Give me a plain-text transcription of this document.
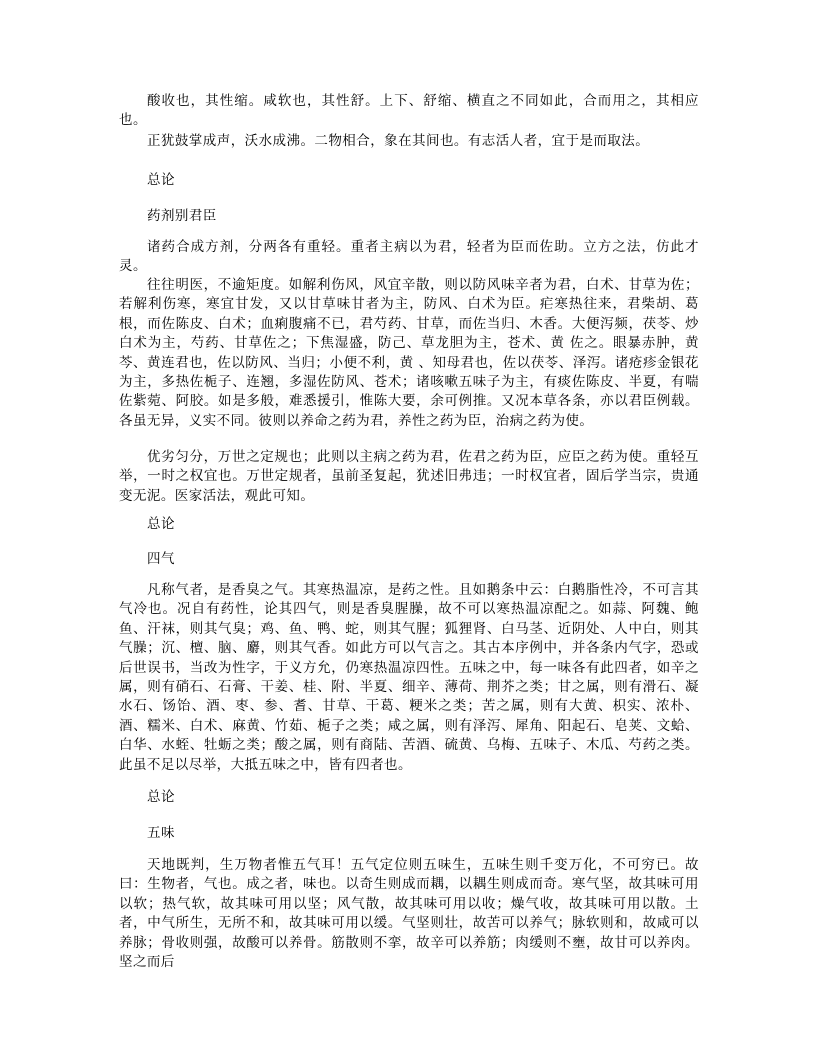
酸收也，其性缩。咸软也，其性舒。上下、舒缩、横直之不同如此，合而用之，其相应也。

正犹鼓掌成声，沃水成沸。二物相合，象在其间也。有志活人者，宜于是而取法。

总论

药剂别君臣

诸药合成方剂，分两各有重轻。重者主病以为君，轻者为臣而佐助。立方之法，仿此才灵。

往往明医，不逾矩度。如解利伤风，风宜辛散，则以防风味辛者为君，白术、甘草为佐；若解利伤寒，寒宜甘发，又以甘草味甘者为主，防风、白术为臣。疟寒热往来，君柴胡、葛根，而佐陈皮、白术；血痢腹痛不已，君芍药、甘草，而佐当归、木香。大便泻频，茯苓、炒白术为主，芍药、甘草佐之；下焦湿盛，防己、草龙胆为主，苍术、黄 佐之。眼暴赤肿，黄芩、黄连君也，佐以防风、当归；小便不利，黄 、知母君也，佐以茯苓、泽泻。诸疮疹金银花为主，多热佐栀子、连翘，多湿佐防风、苍术；诸咳嗽五味子为主，有痰佐陈皮、半夏，有喘佐紫菀、阿胶。如是多般，难悉援引，惟陈大要，余可例推。又况本草各条，亦以君臣例载。各虽无异，义实不同。彼则以养命之药为君，养性之药为臣，治病之药为使。

优劣匀分，万世之定规也；此则以主病之药为君，佐君之药为臣，应臣之药为使。重轻互举，一时之权宜也。万世定规者，虽前圣复起，犹述旧弗违；一时权宜者，固后学当宗，贵通变无泥。医家活法，观此可知。

总论

四气

凡称气者，是香臭之气。其寒热温凉，是药之性。且如鹅条中云：白鹅脂性冷，不可言其气冷也。况自有药性，论其四气，则是香臭腥臊，故不可以寒热温凉配之。如蒜、阿魏、鲍鱼、汗袜，则其气臭；鸡、鱼、鸭、蛇，则其气腥；狐狸肾、白马茎、近阴处、人中白，则其气臊；沉、檀、脑、麝，则其气香。如此方可以气言之。其古本序例中，并各条内气字，恐或后世误书，当改为性字，于义方允，仍寒热温凉四性。五味之中，每一味各有此四者，如辛之属，则有硝石、石膏、干姜、桂、附、半夏、细辛、薄荷、荆芥之类；甘之属，则有滑石、凝水石、饧饴、酒、枣、参、耆、甘草、干葛、粳米之类；苦之属，则有大黄、枳实、浓朴、酒、糯米、白术、麻黄、竹茹、栀子之类；咸之属，则有泽泻、犀角、阳起石、皂荚、文蛤、白华、水蛭、牡蛎之类；酸之属，则有商陆、苦酒、硫黄、乌梅、五味子、木瓜、芍药之类。此虽不足以尽举，大抵五味之中，皆有四者也。

总论

五味

天地既判，生万物者惟五气耳！五气定位则五味生，五味生则千变万化，不可穷已。故曰：生物者，气也。成之者，味也。以奇生则成而耦，以耦生则成而奇。寒气坚，故其味可用以软；热气软，故其味可用以坚；风气散，故其味可用以收；燥气收，故其味可用以散。土者，中气所生，无所不和，故其味可用以缓。气坚则壮，故苦可以养气；脉软则和，故咸可以养脉；骨收则强，故酸可以养骨。筋散则不挛，故辛可以养筋；肉缓则不壅，故甘可以养肉。坚之而后
